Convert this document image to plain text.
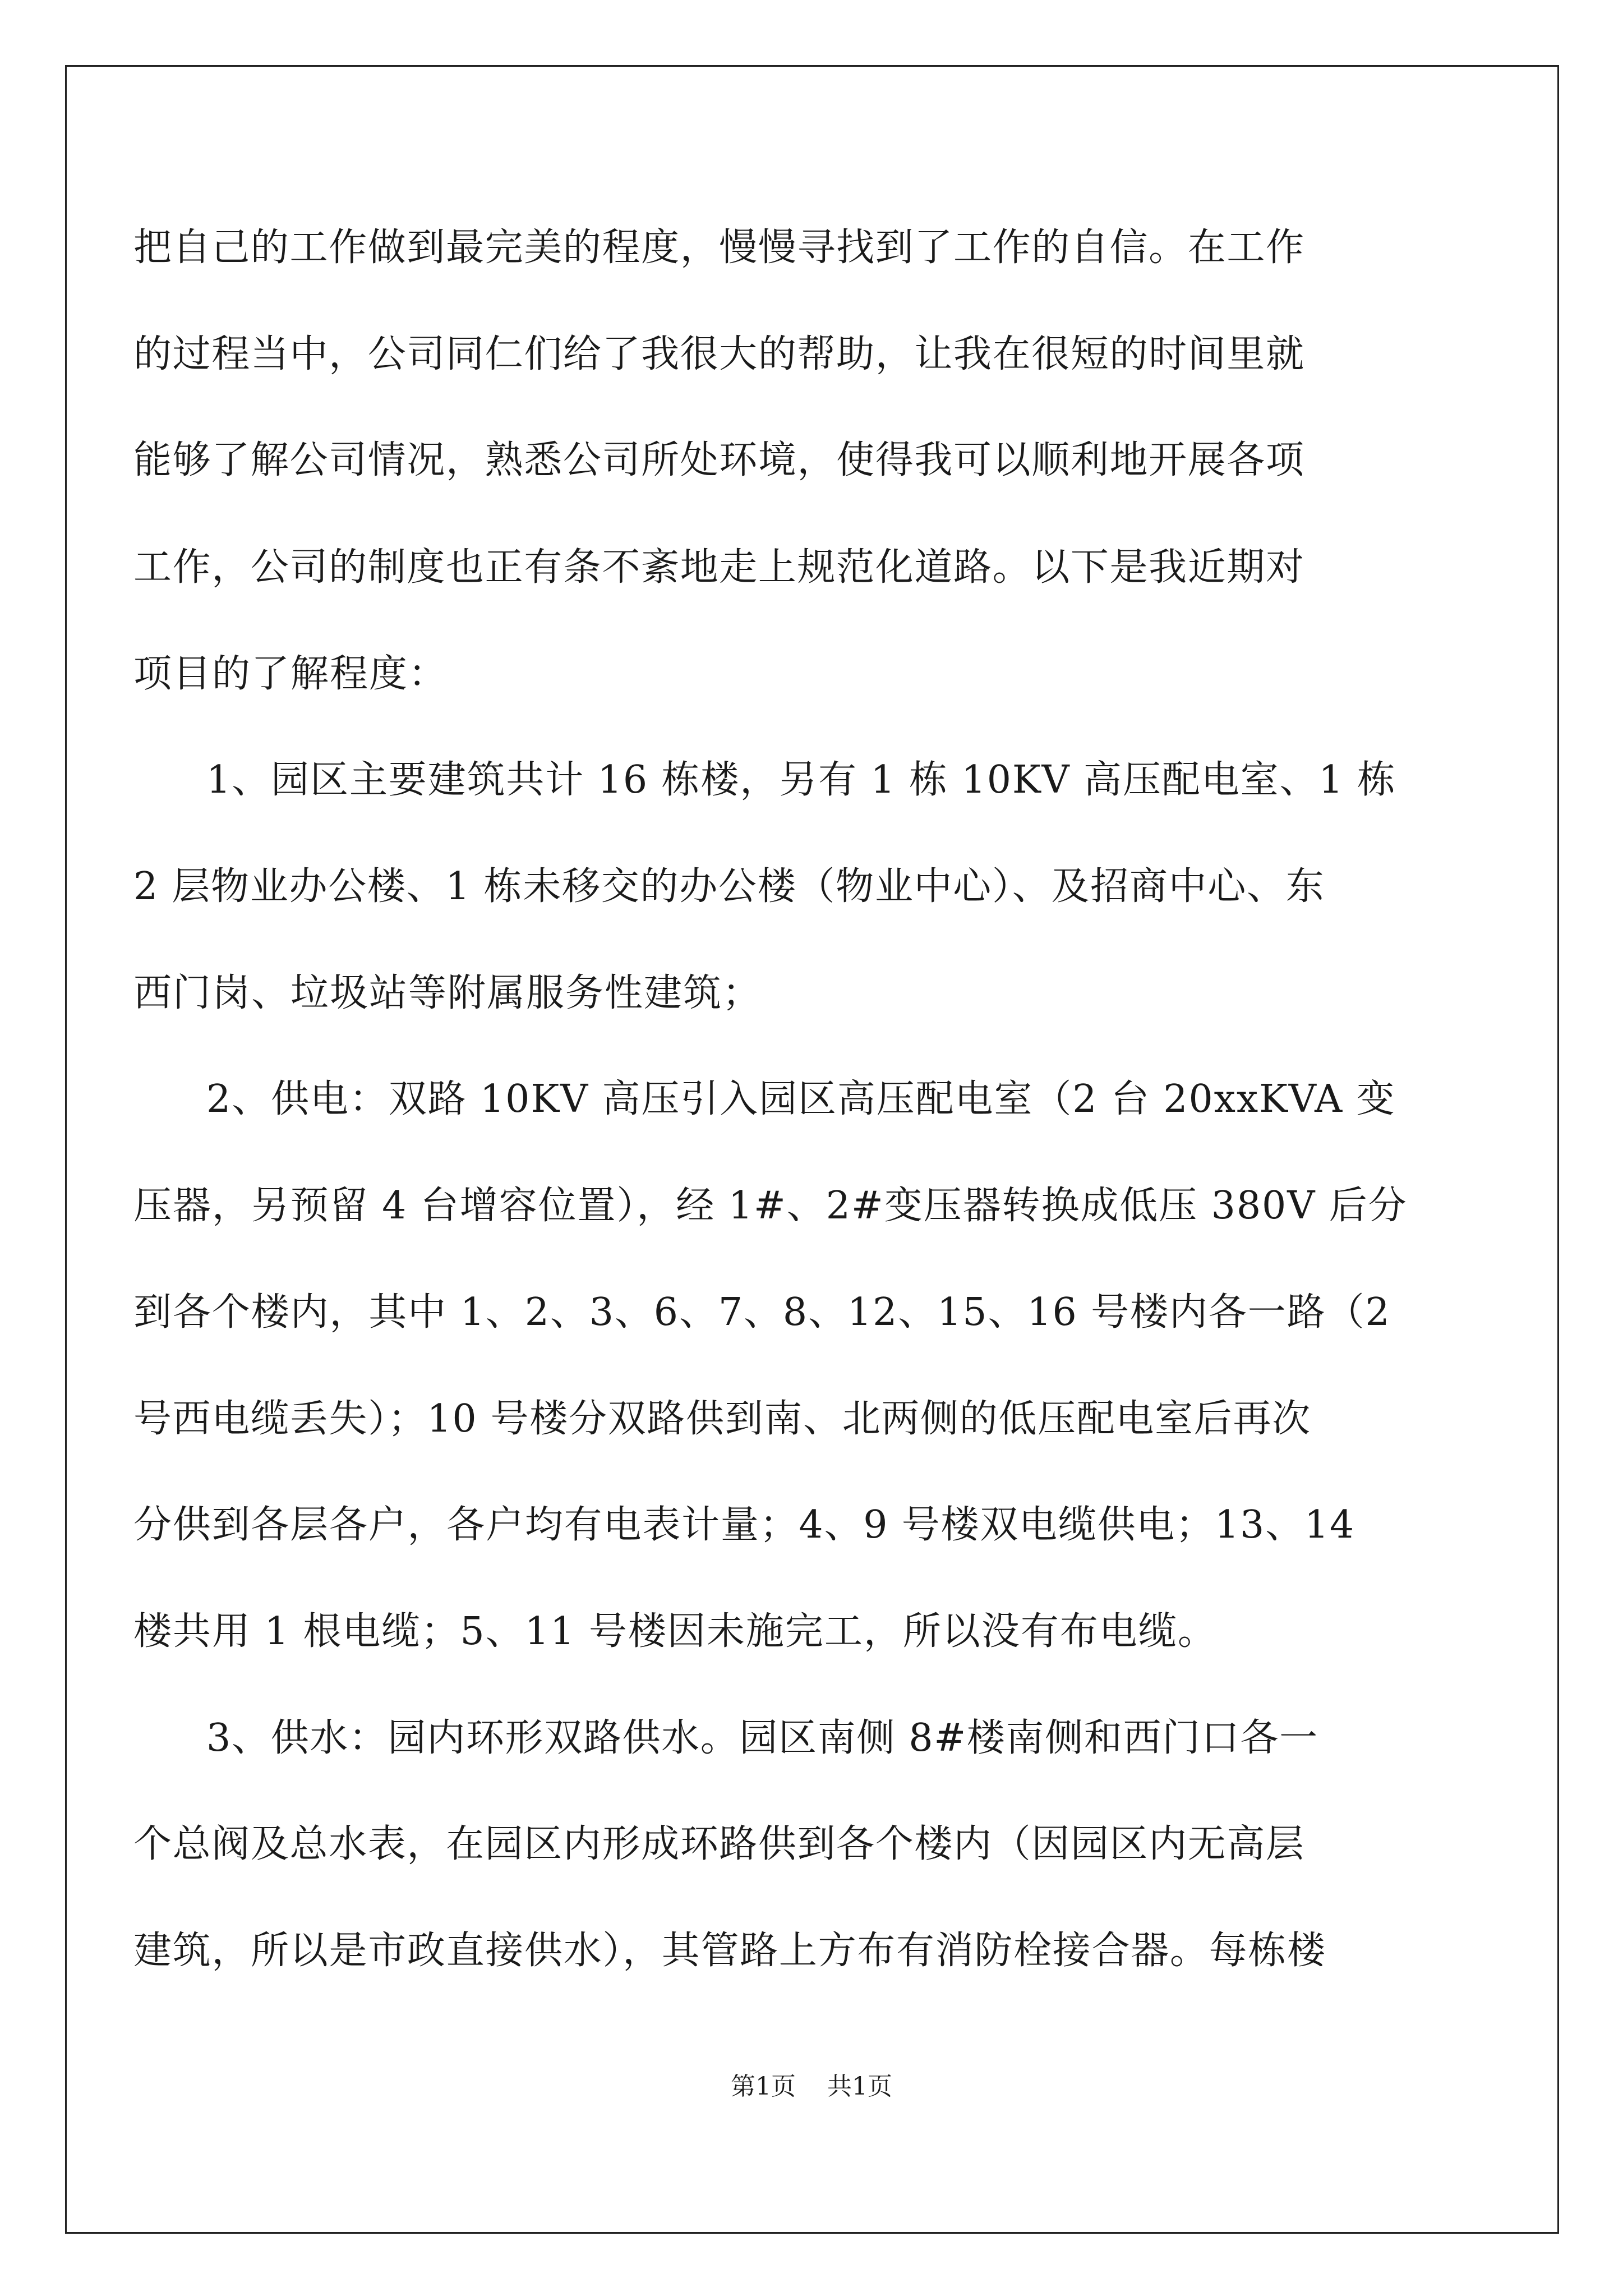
把自己的工作做到最完美的程度，慢慢寻找到了工作的自信。在工作
的过程当中，公司同仁们给了我很大的帮助，让我在很短的时间里就
能够了解公司情况，熟悉公司所处环境，使得我可以顺利地开展各项
工作，公司的制度也正有条不紊地走上规范化道路。以下是我近期对
项目的了解程度：
1、园区主要建筑共计 16 栋楼，另有 1 栋 10KV 高压配电室、1 栋
2 层物业办公楼、1 栋未移交的办公楼（物业中心）、及招商中心、东
西门岗、垃圾站等附属服务性建筑；
2、供电：双路 10KV 高压引入园区高压配电室（2 台 20xxKVA 变
压器，另预留 4 台增容位置），经 1#、2#变压器转换成低压 380V 后分
到各个楼内，其中 1、2、3、6、7、8、12、15、16 号楼内各一路（2
号西电缆丢失）；10 号楼分双路供到南、北两侧的低压配电室后再次
分供到各层各户，各户均有电表计量；4、9 号楼双电缆供电；13、14
楼共用 1 根电缆；5、11 号楼因未施完工，所以没有布电缆。
3、供水：园内环形双路供水。园区南侧 8#楼南侧和西门口各一
个总阀及总水表，在园区内形成环路供到各个楼内（因园区内无高层
建筑，所以是市政直接供水），其管路上方布有消防栓接合器。每栋楼
第1页    共1页
